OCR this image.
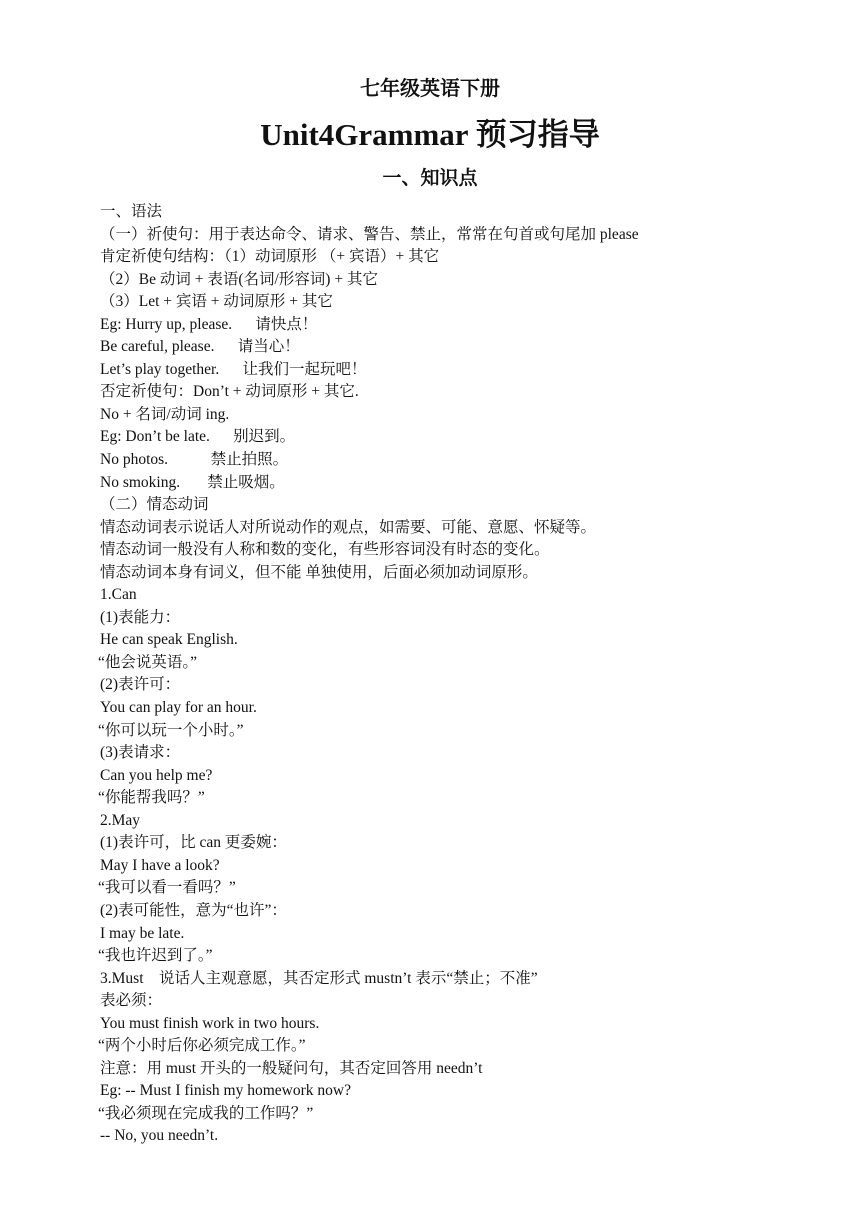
七年级英语下册
Unit4Grammar 预习指导
一、知识点
一、语法
（一）祈使句：用于表达命令、请求、警告、禁止，常常在句首或句尾加 please
肯定祈使句结构：（1）动词原形 （+ 宾语）+ 其它
（2）Be 动词 + 表语(名词/形容词) + 其它
（3）Let + 宾语 + 动词原形 + 其它
Eg: Hurry up, please.      请快点！
Be careful, please.      请当心！
Let’s play together.      让我们一起玩吧！
否定祈使句：Don’t + 动词原形 + 其它.
No + 名词/动词 ing.
Eg: Don’t be late.      别迟到。
No photos.           禁止拍照。
No smoking.       禁止吸烟。
（二）情态动词
情态动词表示说话人对所说动作的观点，如需要、可能、意愿、怀疑等。
情态动词一般没有人称和数的变化，有些形容词没有时态的变化。
情态动词本身有词义，但不能 单独使用，后面必须加动词原形。
1.Can
(1)表能力：
He can speak English.
“他会说英语。”
(2)表许可：
You can play for an hour.
“你可以玩一个小时。”
(3)表请求：
Can you help me?
“你能帮我吗？”
2.May
(1)表许可，比 can 更委婉：
May I have a look?
“我可以看一看吗？”
(2)表可能性，意为“也许”：
I may be late.
“我也许迟到了。”
3.Must    说话人主观意愿，其否定形式 mustn’t 表示“禁止；不准”
表必须：
You must finish work in two hours.
“两个小时后你必须完成工作。”
注意：用 must 开头的一般疑问句，其否定回答用 needn’t
Eg: -- Must I finish my homework now?
“我必须现在完成我的工作吗？”
-- No, you needn’t.
